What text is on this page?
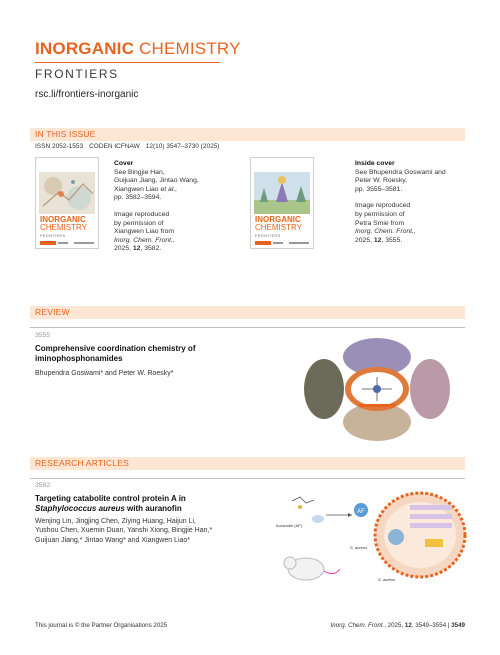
INORGANIC CHEMISTRY
FRONTIERS
rsc.li/frontiers-inorganic
IN THIS ISSUE
ISSN 2052-1553 CODEN ICFNAW 12(10) 3547–3730 (2025)
INORGANIC
CHEMISTRY
FRONTIERS
Cover
See Bingjie Han,
Guijuan Jiang, Jintao Wang,
Xiangwen Liao et al.,
pp. 3582–3594.
Image reproduced
by permission of
Xiangwen Liao from
Inorg. Chem. Front.,
2025, 12, 3582.
INORGANIC
CHEMISTRY
FRONTIERS
Inside cover
See Bhupendra Goswami and
Peter W. Roesky,
pp. 3555–3581.
Image reproduced
by permission of
Petra Smie from
Inorg. Chem. Front.,
2025, 12, 3555.
REVIEW
3555
Comprehensive coordination chemistry of
iminophosphonamides
Bhupendra Goswami* and Peter W. Roesky*
RESEARCH ARTICLES
3582
Targeting catabolite control protein A in
Staphylococcus aureus with auranofin
Wenjing Lin, Jingjing Chen, Ziying Huang, Haijun Li,
Yushou Chen, Xuemin Duan, Yanshi Xiong, Bingjie Han,*
Guijuan Jiang,* Jintao Wang* and Xiangwen Liao*
AF
Auranofin (AF)
S. aureus
S. aureus
This journal is © the Partner Organisations 2025	Inorg. Chem. Front., 2025, 12, 3549–3554 | 3549
